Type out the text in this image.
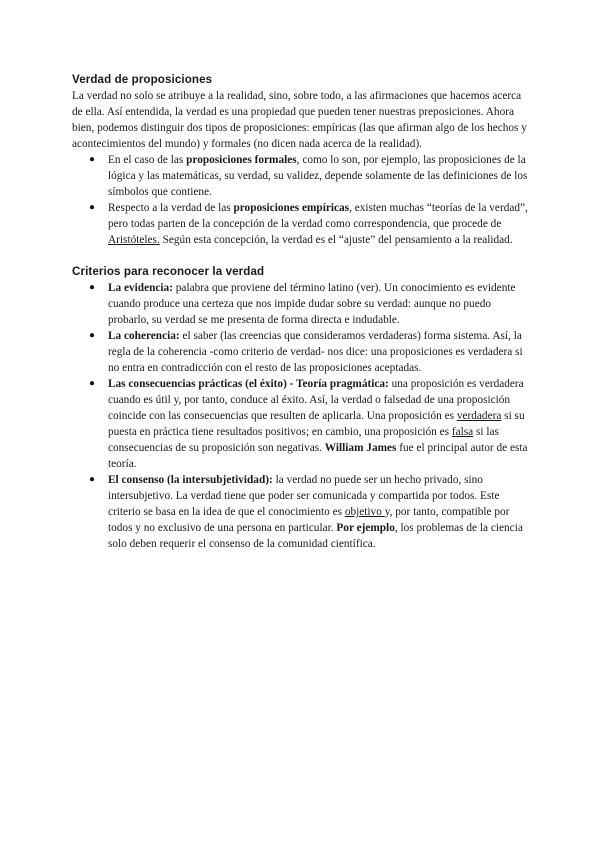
Verdad de proposiciones

La verdad no solo se atribuye a la realidad, sino, sobre todo, a las afirmaciones que hacemos acerca de ella. Así entendida, la verdad es una propiedad que pueden tener nuestras preposiciones. Ahora bien, podemos distinguir dos tipos de proposiciones: empíricas (las que afirman algo de los hechos y acontecimientos del mundo) y formales (no dicen nada acerca de la realidad).

● En el caso de las proposiciones formales, como lo son, por ejemplo, las proposiciones de la lógica y las matemáticas, su verdad, su validez, depende solamente de las definiciones de los símbolos que contiene.
● Respecto a la verdad de las proposiciones empíricas, existen muchas “teorías de la verdad”, pero todas parten de la concepción de la verdad como correspondencia, que procede de Aristóteles. Según esta concepción, la verdad es el “ajuste” del pensamiento a la realidad.
Criterios para reconocer la verdad
● La evidencia: palabra que proviene del término latino (ver). Un conocimiento es evidente cuando produce una certeza que nos impide dudar sobre su verdad: aunque no puedo probarlo, su verdad se me presenta de forma directa e indudable.
● La coherencia: el saber (las creencias que consideramos verdaderas) forma sistema. Así, la regla de la coherencia -como criterio de verdad- nos dice: una proposiciones es verdadera si no entra en contradicción con el resto de las proposiciones aceptadas.
● Las consecuencias prácticas (el éxito) - Teoría pragmática: una proposición es verdadera cuando es útil y, por tanto, conduce al éxito. Así, la verdad o falsedad de una proposición coincide con las consecuencias que resulten de aplicarla. Una proposición es verdadera si su puesta en práctica tiene resultados positivos; en cambio, una proposición es falsa si las consecuencias de su proposición son negativas. William James fue el principal autor de esta teoría.
● El consenso (la intersubjetividad): la verdad no puede ser un hecho privado, sino intersubjetivo. La verdad tiene que poder ser comunicada y compartida por todos. Este criterio se basa en la idea de que el conocimiento es objetivo y, por tanto, compatible por todos y no exclusivo de una persona en particular. Por ejemplo, los problemas de la ciencia solo deben requerir el consenso de la comunidad científica.
